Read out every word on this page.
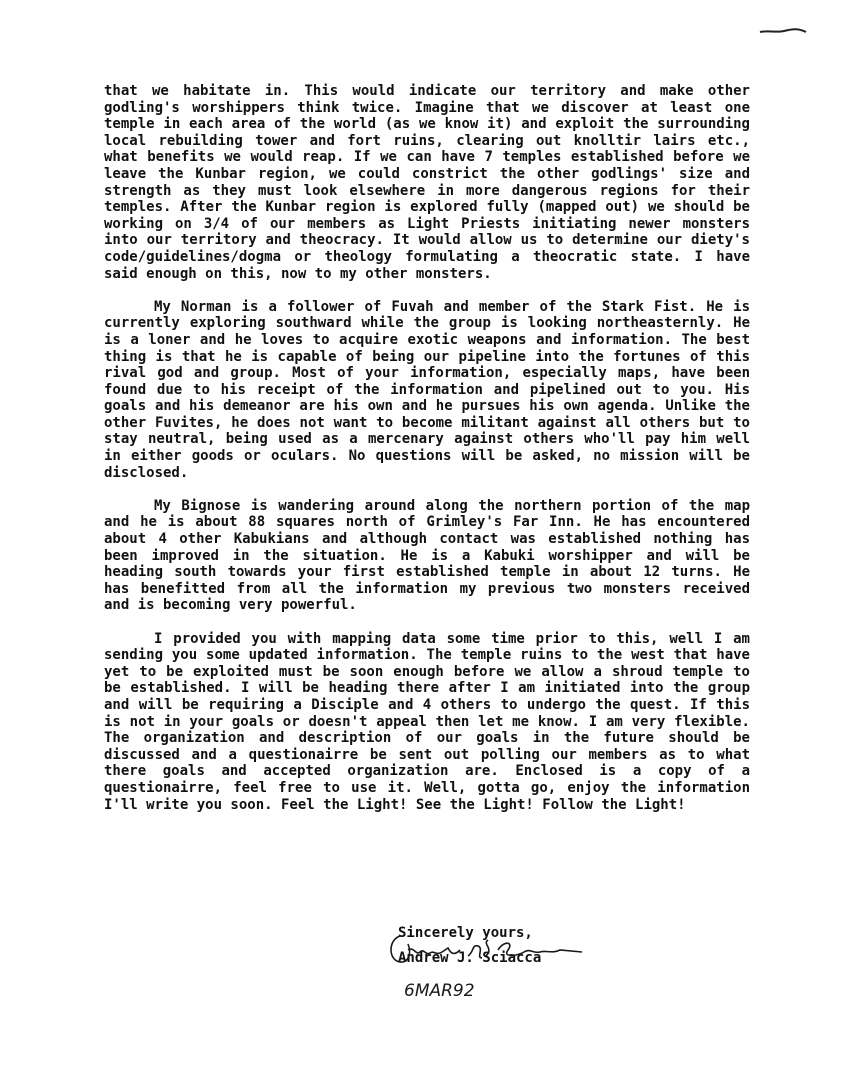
that we habitate in. This would indicate our territory and make other godling's worshippers think twice. Imagine that we discover at least one temple in each area of the world (as we know it) and exploit the surrounding local rebuilding tower and fort ruins, clearing out knolltir lairs etc., what benefits we would reap. If we can have 7 temples established before we leave the Kunbar region, we could constrict the other godlings' size and strength as they must look elsewhere in more dangerous regions for their temples. After the Kunbar region is explored fully (mapped out) we should be working on 3/4 of our members as Light Priests initiating newer monsters into our territory and theocracy. It would allow us to determine our diety's code/guidelines/dogma or theology formulating a theocratic state. I have said enough on this, now to my other monsters.

My Norman is a follower of Fuvah and member of the Stark Fist. He is currently exploring southward while the group is looking northeasternly. He is a loner and he loves to acquire exotic weapons and information. The best thing is that he is capable of being our pipeline into the fortunes of this rival god and group. Most of your information, especially maps, have been found due to his receipt of the information and pipelined out to you. His goals and his demeanor are his own and he pursues his own agenda. Unlike the other Fuvites, he does not want to become militant against all others but to stay neutral, being used as a mercenary against others who'll pay him well in either goods or oculars. No questions will be asked, no mission will be disclosed.

My Bignose is wandering around along the northern portion of the map and he is about 88 squares north of Grimley's Far Inn. He has encountered about 4 other Kabukians and although contact was established nothing has been improved in the situation. He is a Kabuki worshipper and will be heading south towards your first established temple in about 12 turns. He has benefitted from all the information my previous two monsters received and is becoming very powerful.

I provided you with mapping data some time prior to this, well I am sending you some updated information. The temple ruins to the west that have yet to be exploited must be soon enough before we allow a shroud temple to be established. I will be heading there after I am initiated into the group and will be requiring a Disciple and 4 others to undergo the quest. If this is not in your goals or doesn't appeal then let me know. I am very flexible. The organization and description of our goals in the future should be discussed and a questionairre be sent out polling our members as to what there goals and accepted organization are. Enclosed is a copy of a questionairre, feel free to use it. Well, gotta go, enjoy the information I'll write you soon. Feel the Light! See the Light! Follow the Light!

Sincerely yours,
Andrew J. Sciacca
6MAR92
